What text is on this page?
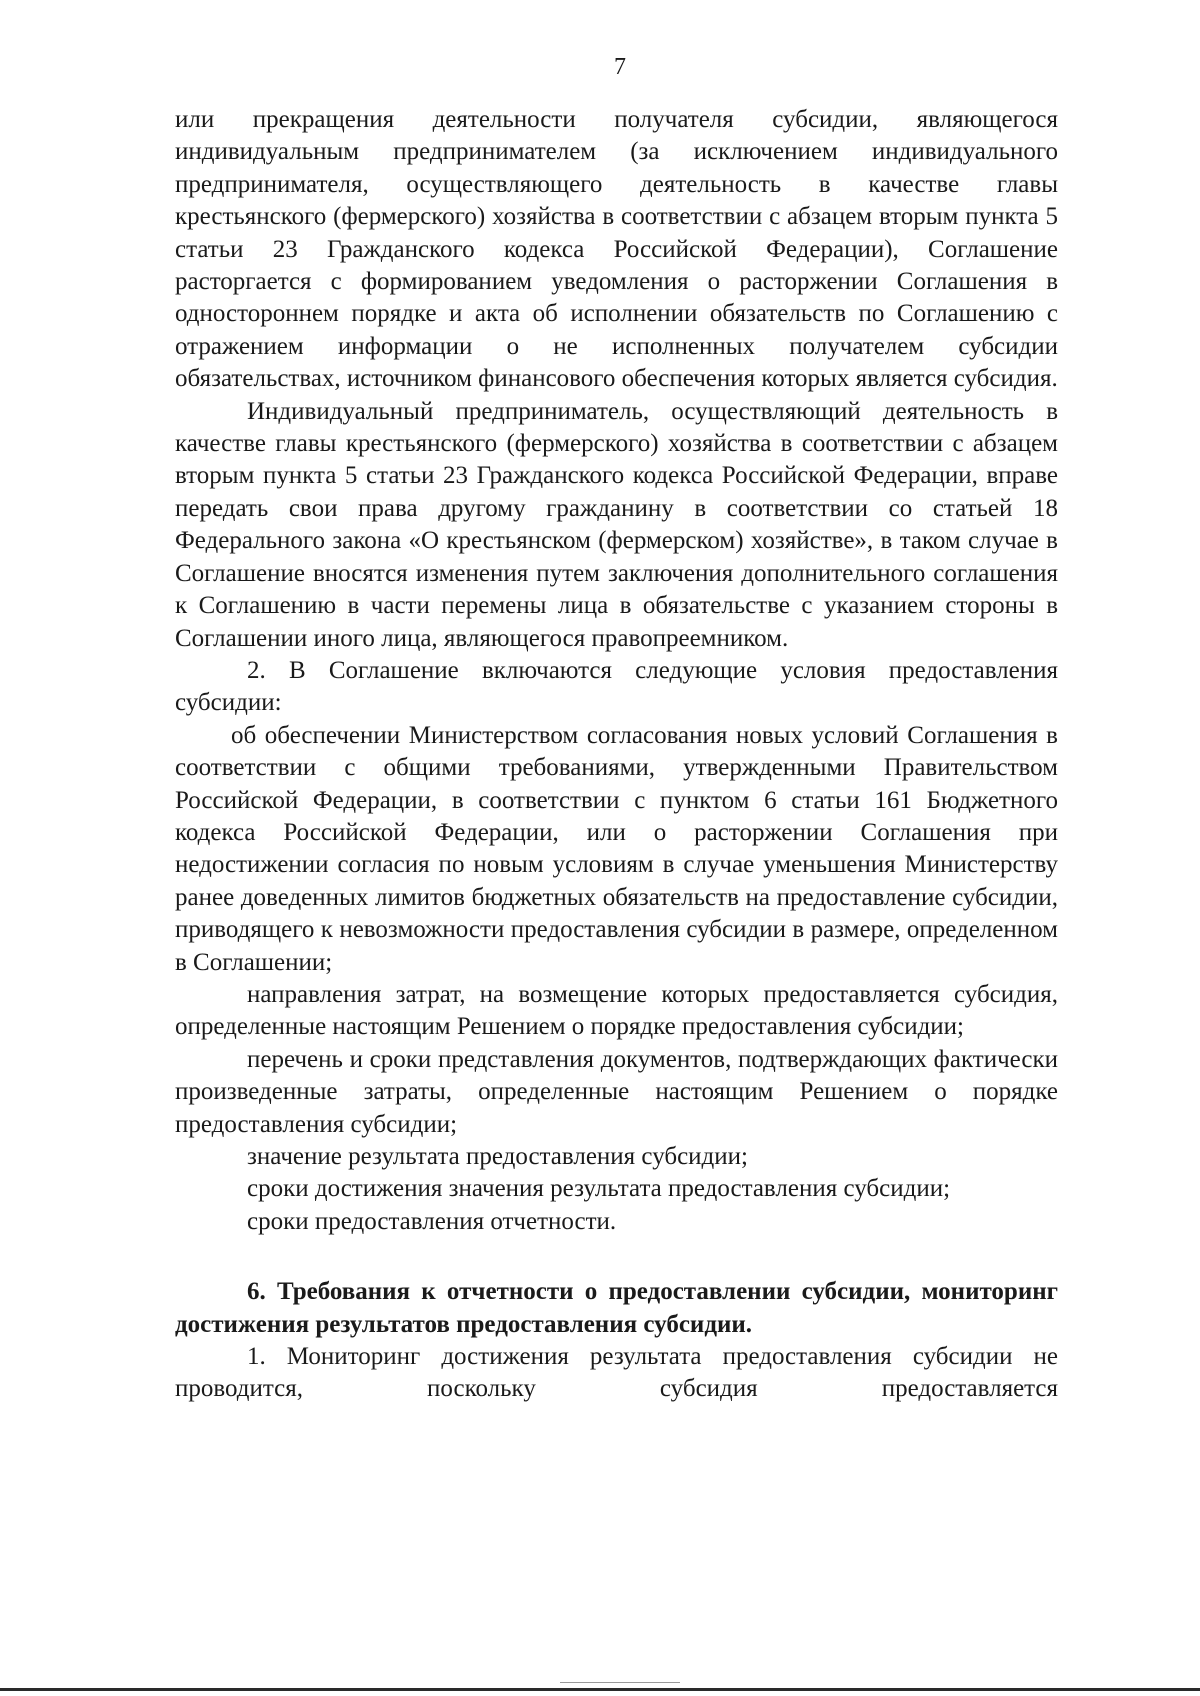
7

или прекращения деятельности получателя субсидии, являющегося индивидуальным предпринимателем (за исключением индивидуального предпринимателя, осуществляющего деятельность в качестве главы крестьянского (фермерского) хозяйства в соответствии с абзацем вторым пункта 5 статьи 23 Гражданского кодекса Российской Федерации), Соглашение расторгается с формированием уведомления о расторжении Соглашения в одностороннем порядке и акта об исполнении обязательств по Соглашению с отражением информации о не исполненных получателем субсидии обязательствах, источником финансового обеспечения которых является субсидия.

Индивидуальный предприниматель, осуществляющий деятельность в качестве главы крестьянского (фермерского) хозяйства в соответствии с абзацем вторым пункта 5 статьи 23 Гражданского кодекса Российской Федерации, вправе передать свои права другому гражданину в соответствии со статьей 18 Федерального закона «О крестьянском (фермерском) хозяйстве», в таком случае в Соглашение вносятся изменения путем заключения дополнительного соглашения к Соглашению в части перемены лица в обязательстве с указанием стороны в Соглашении иного лица, являющегося правопреемником.

2. В Соглашение включаются следующие условия предоставления субсидии:

об обеспечении Министерством согласования новых условий Соглашения в соответствии с общими требованиями, утвержденными Правительством Российской Федерации, в соответствии с пунктом 6 статьи 161 Бюджетного кодекса Российской Федерации, или о расторжении Соглашения при недостижении согласия по новым условиям в случае уменьшения Министерству ранее доведенных лимитов бюджетных обязательств на предоставление субсидии, приводящего к невозможности предоставления субсидии в размере, определенном в Соглашении;

направления затрат, на возмещение которых предоставляется субсидия, определенные настоящим Решением о порядке предоставления субсидии;

перечень и сроки представления документов, подтверждающих фактически произведенные затраты, определенные настоящим Решением о порядке предоставления субсидии;

значение результата предоставления субсидии;

сроки достижения значения результата предоставления субсидии;

сроки предоставления отчетности.

6. Требования к отчетности о предоставлении субсидии, мониторинг достижения результатов предоставления субсидии.

1. Мониторинг достижения результата предоставления субсидии не проводится, поскольку субсидия предоставляется
